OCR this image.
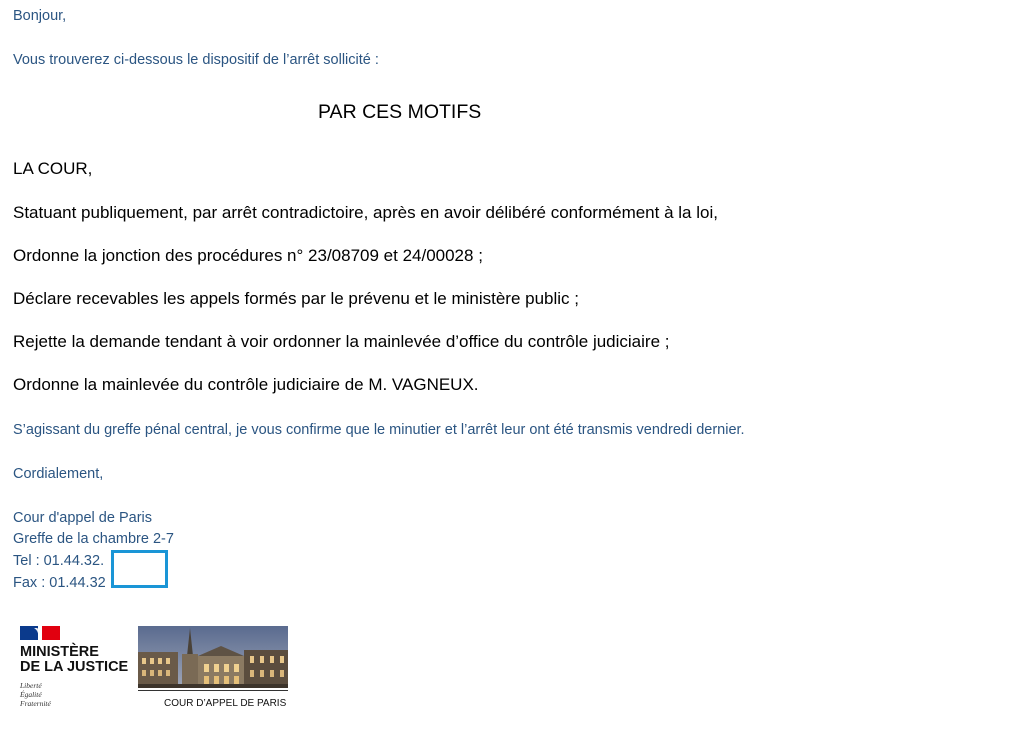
Bonjour,
Vous trouverez ci-dessous le dispositif de l’arrêt sollicité :
PAR CES MOTIFS
LA COUR,
Statuant publiquement, par arrêt contradictoire, après en avoir délibéré conformément à la loi,
Ordonne la jonction des procédures n° 23/08709 et 24/00028 ;
Déclare recevables les appels formés par le prévenu et le ministère public ;
Rejette la demande tendant à voir ordonner la mainlevée d’office du contrôle judiciaire ;
Ordonne la mainlevée du contrôle judiciaire de M. VAGNEUX.
S’agissant du greffe pénal central, je vous confirme que le minutier et l’arrêt leur ont été transmis vendredi dernier.
Cordialement,
Cour d'appel de Paris
Greffe de la chambre 2-7
Tel : 01.44.32.
Fax : 01.44.32
MINISTÈRE
DE LA JUSTICE
Liberté
Égalité
Fraternité	COUR D’APPEL DE PARIS
